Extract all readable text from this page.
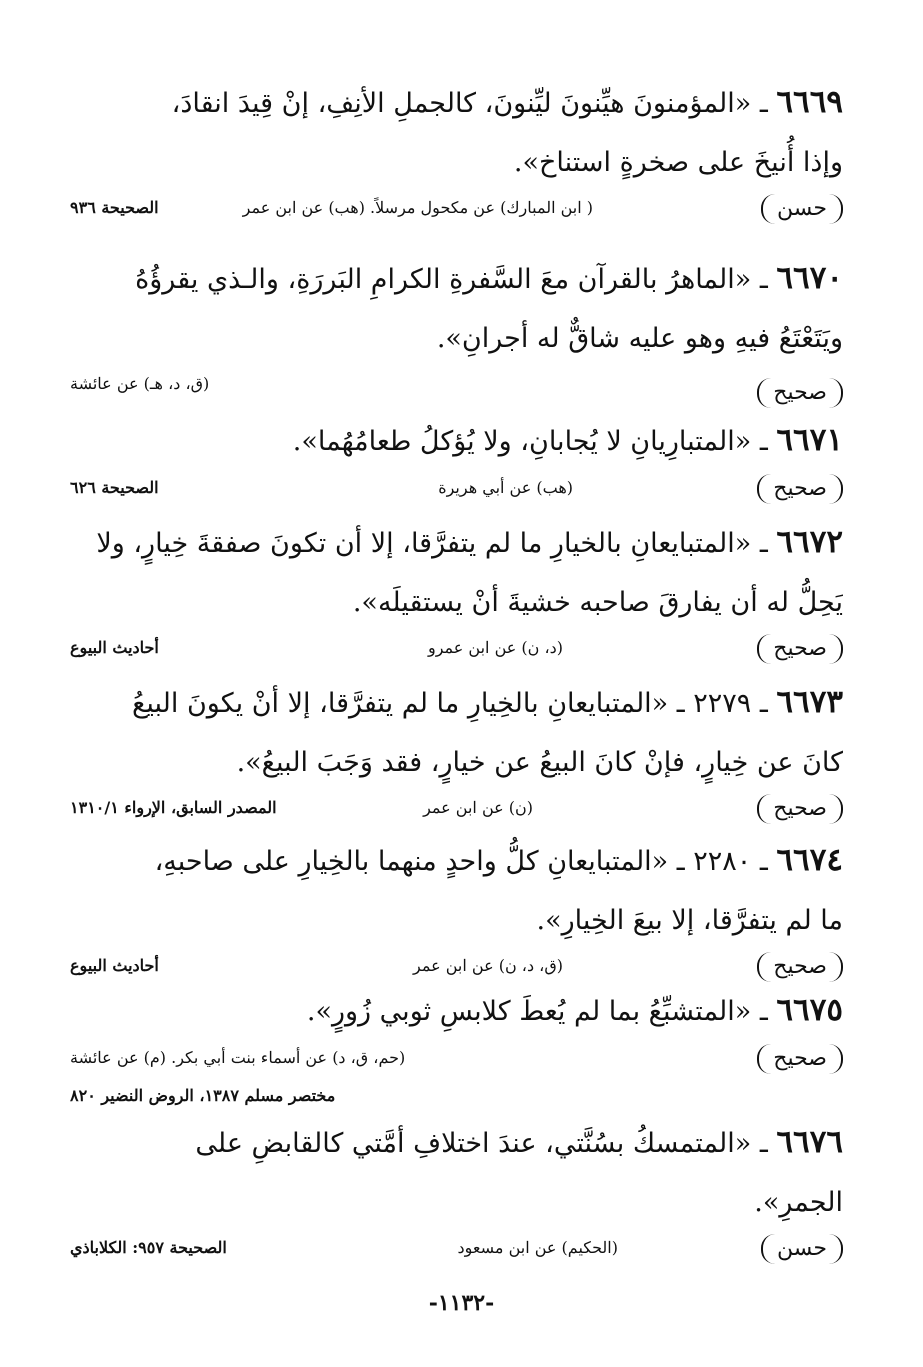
٦٦٦٩ ـ «المؤمنونَ هيِّنونَ ليِّنونَ، كالجملِ الأنِفِ، إنْ قِيدَ انقادَ،
وإذا أُنيخَ على صخرةٍ استناخ».
حسن
( ابن المبارك) عن مكحول مرسلاً. (هب) عن ابن عمر
الصحيحة ٩٣٦
٦٦٧٠ ـ «الماهرُ بالقرآن معَ السَّفرةِ الكرامِ البَررَةِ، والـذي يقرؤُهُ
ويَتَعْتَعُ فيهِ وهو عليه شاقٌّ له أجرانِ».
صحيح
(ق، د، هـ) عن عائشة
٦٦٧١ ـ «المتبارِيانِ لا يُجابانِ، ولا يُؤكلُ طعامُهُما».
صحيح
(هب) عن أبي هريرة
الصحيحة ٦٢٦
٦٦٧٢ ـ «المتبايعانِ بالخيارِ ما لم يتفرَّقا، إلا أن تكونَ صفقةَ خِيارٍ، ولا
يَحِلُّ له أن يفارقَ صاحبه خشيةَ أنْ يستقيلَه».
صحيح
(د، ن) عن ابن عمرو
أحاديث البيوع
٦٦٧٣ ـ ٢٢٧٩ ـ «المتبايعانِ بالخِيارِ ما لم يتفرَّقا، إلا أنْ يكونَ البيعُ
كانَ عن خِيارٍ، فإنْ كانَ البيعُ عن خيارٍ، فقد وَجَبَ البيعُ».
صحيح
(ن) عن ابن عمر
المصدر السابق، الإرواء ١٣١٠/١
٦٦٧٤ ـ ٢٢٨٠ ـ «المتبايعانِ كلُّ واحدٍ منهما بالخِيارِ على صاحبهِ،
ما لم يتفرَّقا، إلا بيعَ الخِيارِ».
صحيح
(ق، د، ن) عن ابن عمر
أحاديث البيوع
٦٦٧٥ ـ «المتشبِّعُ بما لم يُعطَ كلابسِ ثوبي زُورٍ».
صحيح
(حم، ق، د) عن أسماء بنت أبي بكر. (م) عن عائشة
مختصر مسلم ١٣٨٧، الروض النضير ٨٢٠
٦٦٧٦ ـ «المتمسكُ بسُنَّتي، عندَ اختلافِ أمَّتي كالقابضِ على
الجمرِ».
حسن
(الحكيم) عن ابن مسعود
الصحيحة ٩٥٧: الكلاباذي
-١١٣٢-
